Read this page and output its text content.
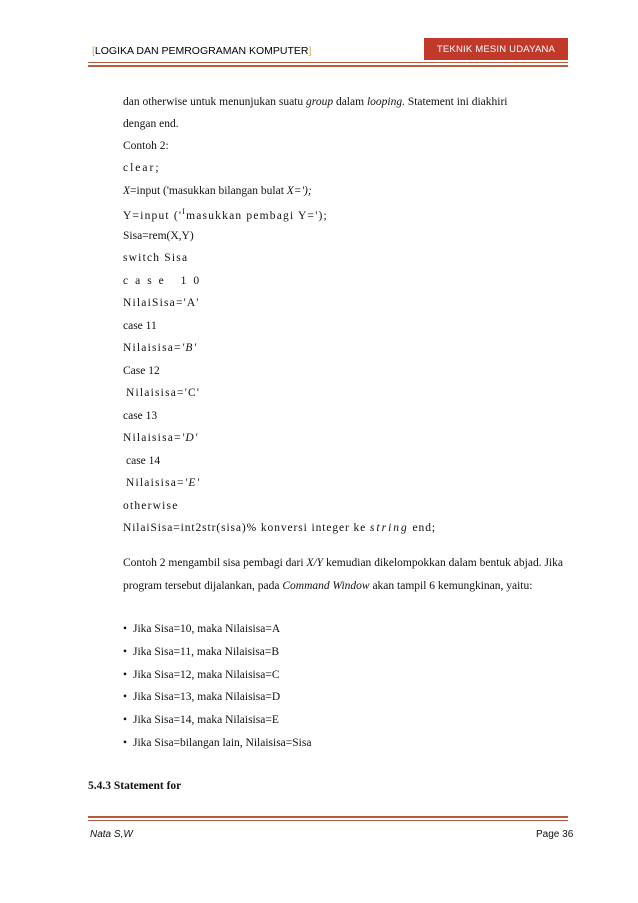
[LOGIKA DAN PEMROGRAMAN KOMPUTER]	TEKNIK MESIN UDAYANA
dan otherwise untuk menunjukan suatu group dalam looping. Statement ini diakhiri
dengan end.
Contoh 2:
clear;
X=input ('masukkan bilangan bulat X=');
Y=input ('$^Imasukkan$ pembagi Y=');
Sisa=rem(X,Y)
switch Sisa
case 10
NilaiSisa='A'
case 11
Nilaisisa='B'
Case 12
Nilaisisa='C'
case 13
Nilaisisa='D'
case 14
Nilaisisa='E'
otherwise
NilaiSisa=int2str(sisa)% konversi integer ke string end;
Contoh 2 mengambil sisa pembagi dari X/Y kemudian dikelompokkan dalam bentuk abjad. Jika program tersebut dijalankan, pada Command Window akan tampil 6 kemungkinan, yaitu:
• Jika Sisa=10, maka Nilaisisa=A
• Jika Sisa=11, maka Nilaisisa=B
• Jika Sisa=12, maka Nilaisisa=C
• Jika Sisa=13, maka Nilaisisa=D
• Jika Sisa=14, maka Nilaisisa=E
• Jika Sisa=bilangan lain, Nilaisisa=Sisa
5.4.3 Statement for
Nata S,W	Page 36
